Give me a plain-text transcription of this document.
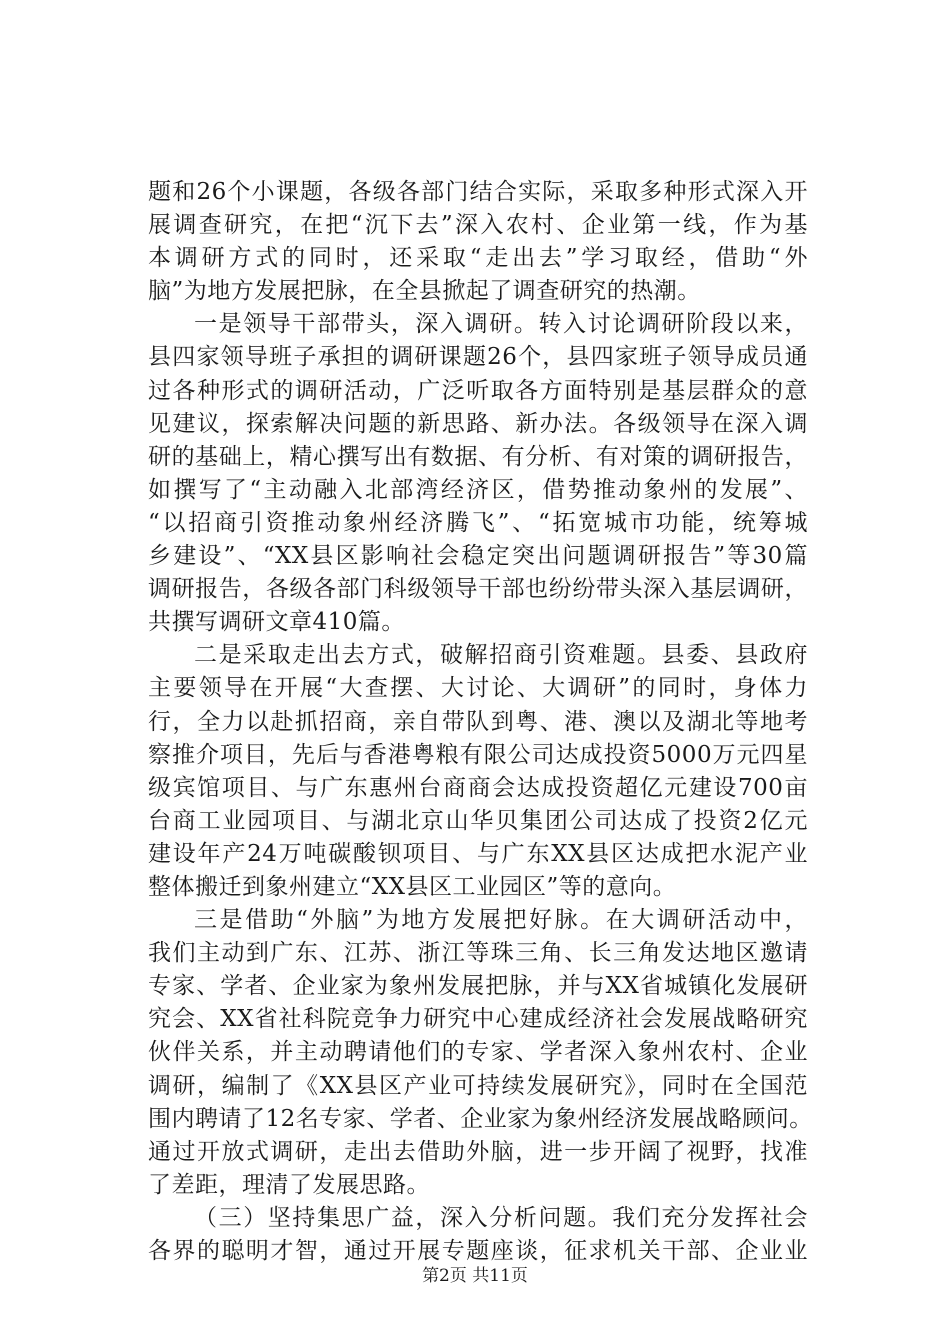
题和26个小课题，各级各部门结合实际，采取多种形式深入开
展调查研究，在把“沉下去”深入农村、企业第一线，作为基
本调研方式的同时，还采取“走出去”学习取经，借助“外
脑”为地方发展把脉，在全县掀起了调查研究的热潮。
一是领导干部带头，深入调研。转入讨论调研阶段以来，
县四家领导班子承担的调研课题26个，县四家班子领导成员通
过各种形式的调研活动，广泛听取各方面特别是基层群众的意
见建议，探索解决问题的新思路、新办法。各级领导在深入调
研的基础上，精心撰写出有数据、有分析、有对策的调研报告，
如撰写了“主动融入北部湾经济区，借势推动象州的发展”、
“以招商引资推动象州经济腾飞”、“拓宽城市功能，统筹城
乡建设”、“XX县区影响社会稳定突出问题调研报告”等30篇
调研报告，各级各部门科级领导干部也纷纷带头深入基层调研，
共撰写调研文章410篇。
二是采取走出去方式，破解招商引资难题。县委、县政府
主要领导在开展“大查摆、大讨论、大调研”的同时，身体力
行，全力以赴抓招商，亲自带队到粤、港、澳以及湖北等地考
察推介项目，先后与香港粤粮有限公司达成投资5000万元四星
级宾馆项目、与广东惠州台商商会达成投资超亿元建设700亩
台商工业园项目、与湖北京山华贝集团公司达成了投资2亿元
建设年产24万吨碳酸钡项目、与广东XX县区达成把水泥产业
整体搬迁到象州建立“XX县区工业园区”等的意向。
三是借助“外脑”为地方发展把好脉。在大调研活动中，
我们主动到广东、江苏、浙江等珠三角、长三角发达地区邀请
专家、学者、企业家为象州发展把脉，并与XX省城镇化发展研
究会、XX省社科院竞争力研究中心建成经济社会发展战略研究
伙伴关系，并主动聘请他们的专家、学者深入象州农村、企业
调研，编制了《XX县区产业可持续发展研究》，同时在全国范
围内聘请了12名专家、学者、企业家为象州经济发展战略顾问。
通过开放式调研，走出去借助外脑，进一步开阔了视野，找准
了差距，理清了发展思路。
（三）坚持集思广益，深入分析问题。我们充分发挥社会
各界的聪明才智，通过开展专题座谈，征求机关干部、企业业
第2页 共11页
